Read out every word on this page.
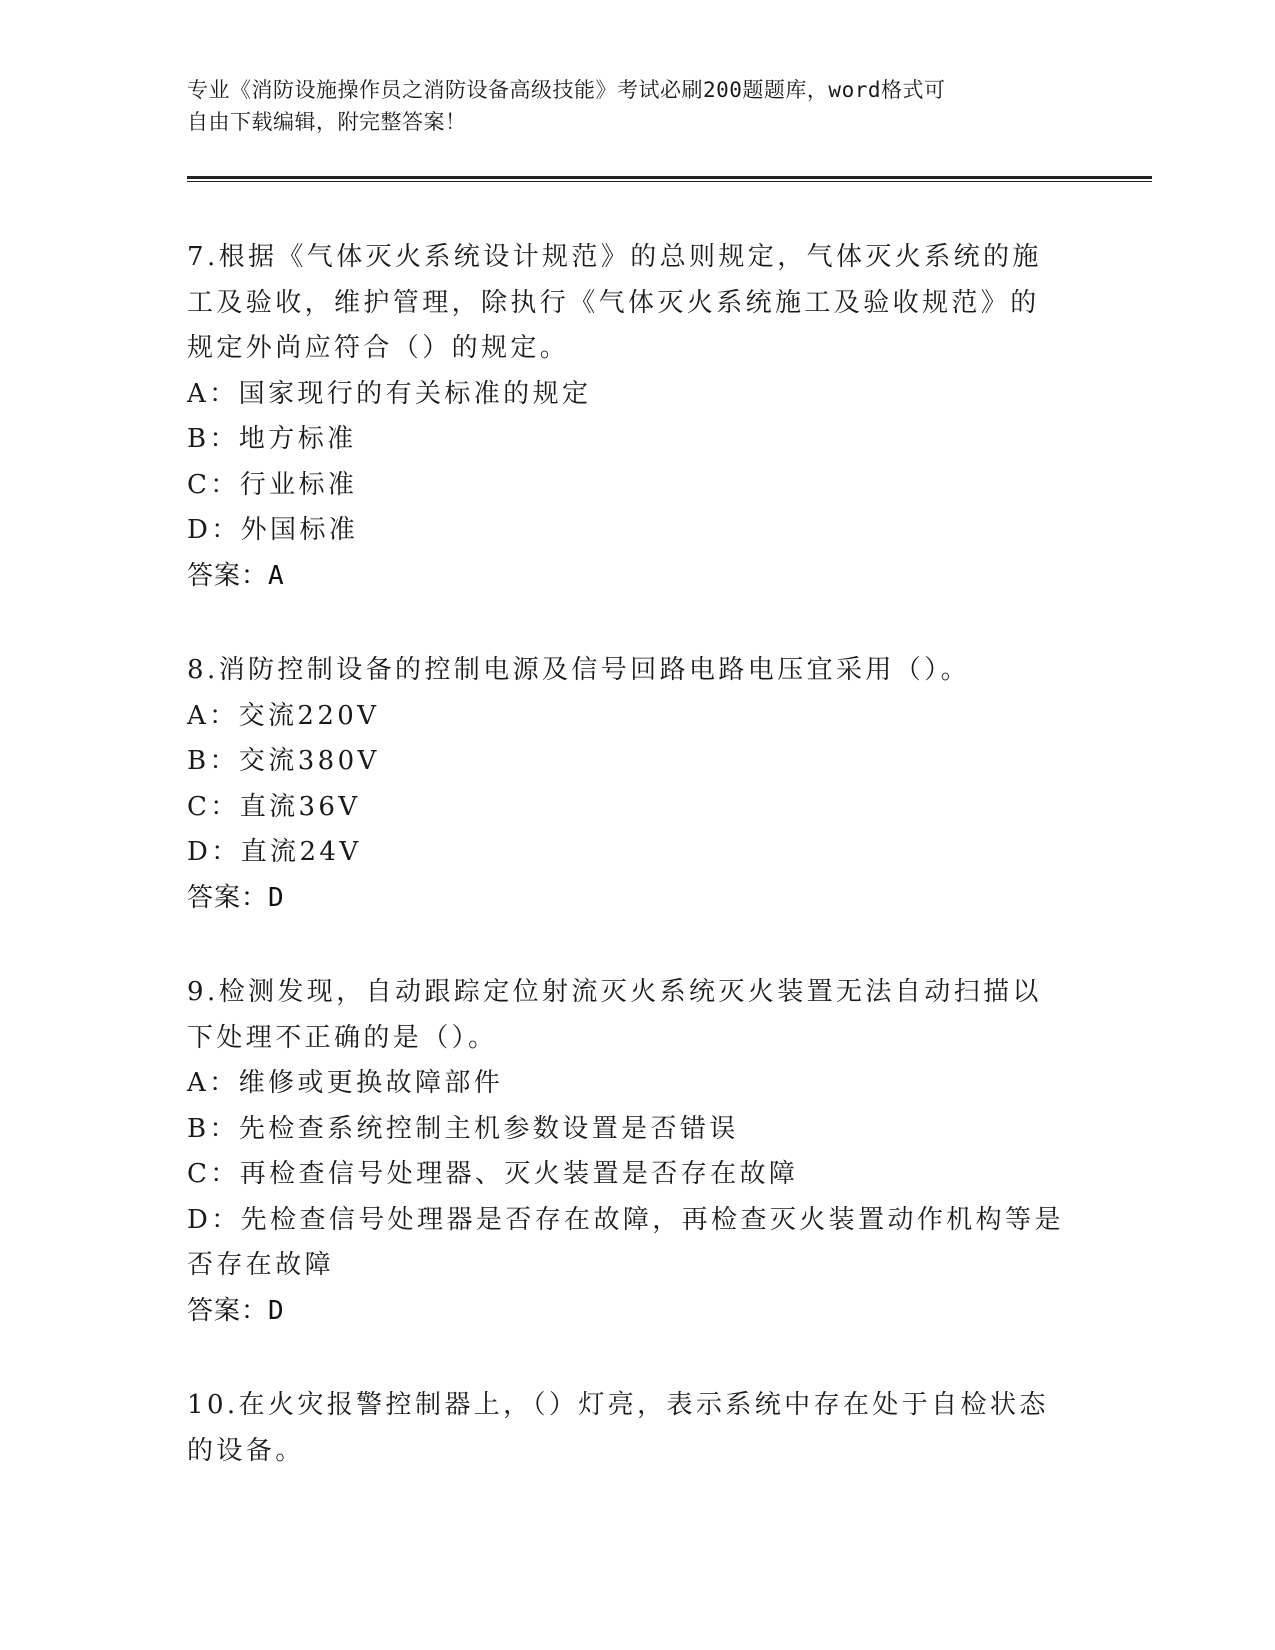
专业《消防设施操作员之消防设备高级技能》考试必刷200题题库，word格式可
自由下载编辑，附完整答案！
7.根据《气体灭火系统设计规范》的总则规定，气体灭火系统的施工及验收，维护管理，除执行《气体灭火系统施工及验收规范》的规定外尚应符合（）的规定。
A：国家现行的有关标准的规定
B：地方标准
C：行业标准
D：外国标准
答案：A
8.消防控制设备的控制电源及信号回路电路电压宜采用（）。
A：交流220V
B：交流380V
C：直流36V
D：直流24V
答案：D
9.检测发现，自动跟踪定位射流灭火系统灭火装置无法自动扫描以下处理不正确的是（）。
A：维修或更换故障部件
B：先检查系统控制主机参数设置是否错误
C：再检查信号处理器、灭火装置是否存在故障
D：先检查信号处理器是否存在故障，再检查灭火装置动作机构等是否存在故障
答案：D
10.在火灾报警控制器上，（）灯亮，表示系统中存在处于自检状态的设备。
